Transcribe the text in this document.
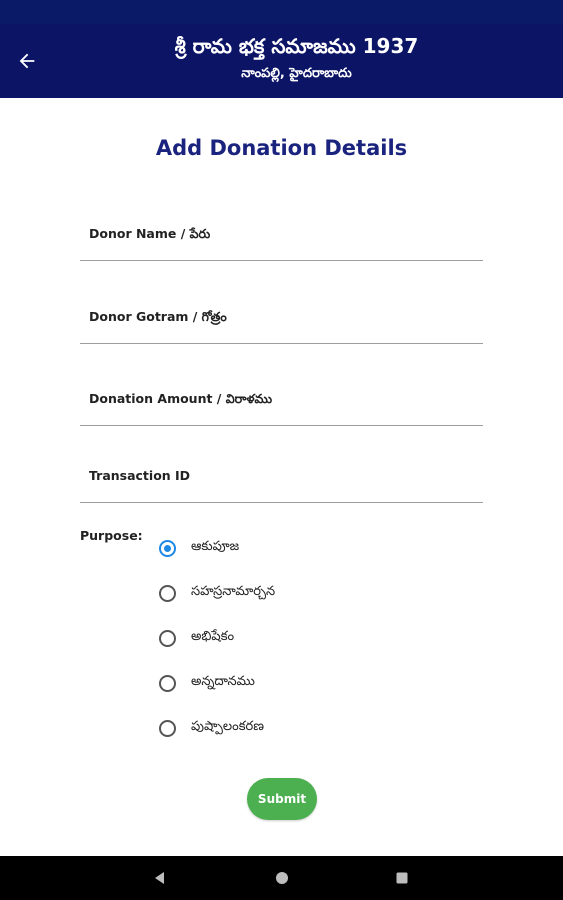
శ్రీ రామ భక్త సమాజము 1937
నాంపల్లి, హైదరాబాదు
Add Donation Details
Donor Name / పేరు
Donor Gotram / గోత్రం
Donation Amount / విరాళము
Transaction ID
Purpose:
ఆకుపూజ
సహస్రనామార్చన
అభిషేకం
అన్నదానము
పుష్పాలంకరణ
Submit
